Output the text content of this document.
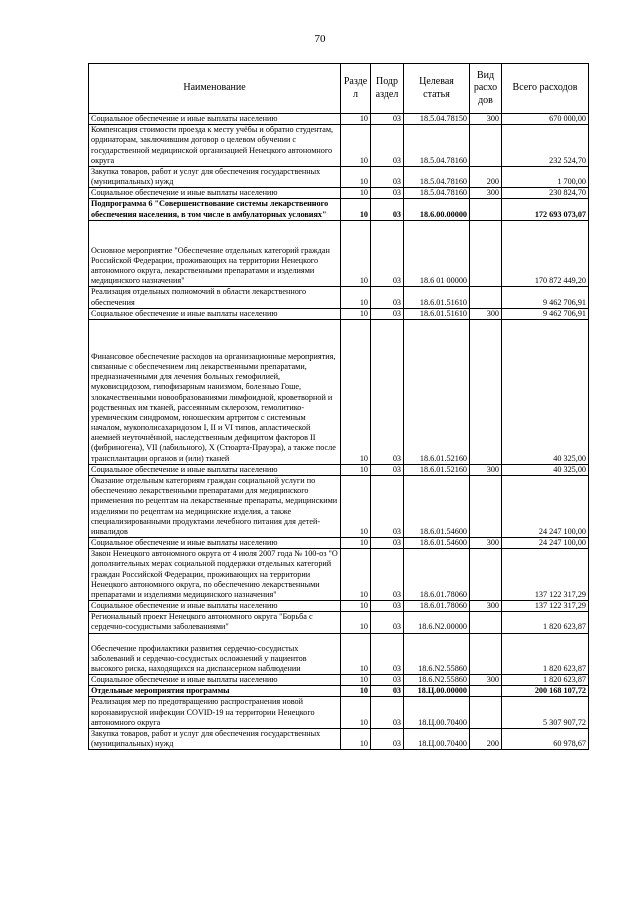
70
Наименование	Разде л	Подр аздел	Целевая статья	Вид расхо дов	Всего расходов
Социальное обеспечение и иные выплаты населению	10	03	18.5.04.78150	300	670 000,00
Компенсация стоимости проезда к месту учёбы и обратно студентам, ординаторам, заключившим договор о целевом обучении с государственной медицинской организацией Ненецкого автономного округа	10	03	18.5.04.78160		232 524,70
Закупка товаров, работ и услуг для обеспечения государственных (муниципальных) нужд	10	03	18.5.04.78160	200	1 700,00
Социальное обеспечение и иные выплаты населению	10	03	18.5.04.78160	300	230 824,70
Подпрограмма 6 "Совершенствование системы лекарственного обеспечения населения, в том числе в амбулаторных условиях"	10	03	18.6.00.00000		172 693 073,07
Основное мероприятие "Обеспечение отдельных категорий граждан Российской Федерации, проживающих на территории Ненецкого автономного округа, лекарственными препаратами и изделиями медицинского назначения"	10	03	18.6 01 00000		170 872 449,20
Реализация отдельных полномочий в области лекарственного обеспечения	10	03	18.6.01.51610		9 462 706,91
Социальное обеспечение и иные выплаты населению	10	03	18.6.01.51610	300	9 462 706,91
Финансовое обеспечение расходов на организационные мероприятия, связанные с обеспечением лиц лекарственными препаратами, предназначенными для лечения больных гемофилией, муковисцидозом, гипофизарным нанизмом, болезнью Гоше, злокачественными новообразованиями лимфоидной, кроветворной и родственных им тканей, рассеянным склерозом, гемолитико-уремическим синдромом, юношеским артритом с системным началом, мукополисахаридозом I, II и VI типов, апластической анемией неуточнённой, наследственным дефицитом факторов II (фибриногена), VII (лабильного), X (Стюарта-Прауэра), а также после трансплантации органов и (или) тканей	10	03	18.6.01.52160		40 325,00
Социальное обеспечение и иные выплаты населению	10	03	18.6.01.52160	300	40 325,00
Оказание отдельным категориям граждан социальной услуги по обеспечению лекарственными препаратами для медицинского применения по рецептам на лекарственные препараты, медицинскими изделиями по рецептам на медицинские изделия, а также специализированными продуктами лечебного питания для детей-инвалидов	10	03	18.6.01.54600		24 247 100,00
Социальное обеспечение и иные выплаты населению	10	03	18.6.01.54600	300	24 247 100,00
Закон Ненецкого автономного округа от 4 июля 2007 года № 100-оз "О дополнительных мерах социальной поддержки отдельных категорий граждан Российской Федерации, проживающих на территории Ненецкого автономного округа, по обеспечению лекарственными препаратами и изделиями медицинского назначения"	10	03	18.6.01.78060		137 122 317,29
Социальное обеспечение и иные выплаты населению	10	03	18.6.01.78060	300	137 122 317,29
Региональный проект Ненецкого автономного округа "Борьба с сердечно-сосудистыми заболеваниями"	10	03	18.6.N2.00000		1 820 623,87
Обеспечение профилактики развития сердечно-сосудистых заболеваний и сердечно-сосудистых осложнений у пациентов высокого риска, находящихся на диспансерном наблюдении	10	03	18.6.N2.55860		1 820 623,87
Социальное обеспечение и иные выплаты населению	10	03	18.6.N2.55860	300	1 820 623,87
Отдельные мероприятия программы	10	03	18.Ц.00.00000		200 168 107,72
Реализация мер по предотвращению распространения новой коронавирусной инфекции COVID-19 на территории Ненецкого автономного округа	10	03	18.Ц.00.70400		5 307 907,72
Закупка товаров, работ и услуг для обеспечения государственных (муниципальных) нужд	10	03	18.Ц.00.70400	200	60 978,67
